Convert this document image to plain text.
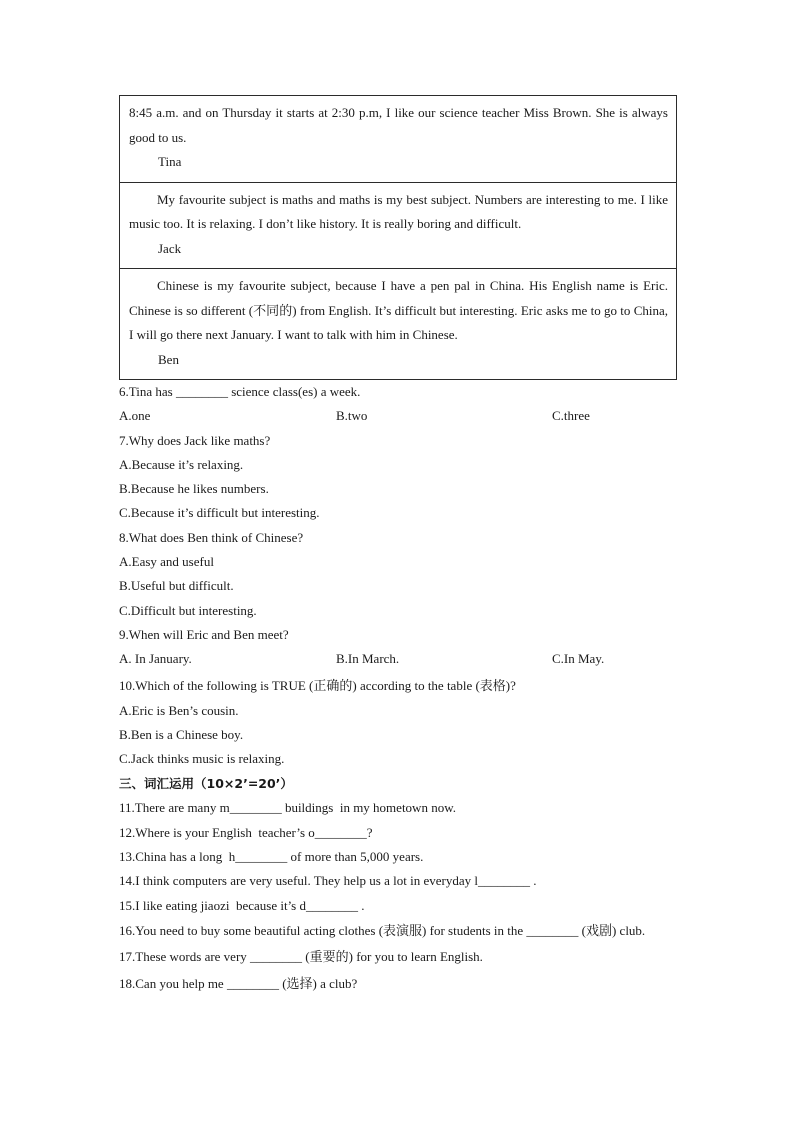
8:45 a.m. and on Thursday it starts at 2:30 p.m, I like our science teacher Miss Brown. She is always good to us.

Tina

My favourite subject is maths and maths is my best subject. Numbers are interesting to me. I like music too. It is relaxing. I don’t like history. It is really boring and difficult.

Jack

Chinese is my favourite subject, because I have a pen pal in China. His English name is Eric. Chinese is so different (不同的) from English. It’s difficult but interesting. Eric asks me to go to China, I will go there next January. I want to talk with him in Chinese.

Ben

6.Tina has ________ science class(es) a week.

A.one	B.two	C.three

7.Why does Jack like maths?

A.Because it’s relaxing.

B.Because he likes numbers.

C.Because it’s difficult but interesting.

8.What does Ben think of Chinese?

A.Easy and useful

B.Useful but difficult.

C.Difficult but interesting.

9.When will Eric and Ben meet?

A. In January.	B.In March.	C.In May.

10.Which of the following is TRUE (正确的) according to the table (表格)?

A.Eric is Ben’s cousin.

B.Ben is a Chinese boy.

C.Jack thinks music is relaxing.

三、词汇运用（10×2’=20’）

11.There are many m________ buildings  in my hometown now.

12.Where is your English  teacher’s o________?

13.China has a long  h________ of more than 5,000 years.

14.I think computers are very useful. They help us a lot in everyday l________ .

15.I like eating jiaozi  because it’s d________ .

16.You need to buy some beautiful acting clothes (表演服) for students in the ________ (戏剧) club.

17.These words are very ________ (重要的) for you to learn English.

18.Can you help me ________ (选择) a club?
